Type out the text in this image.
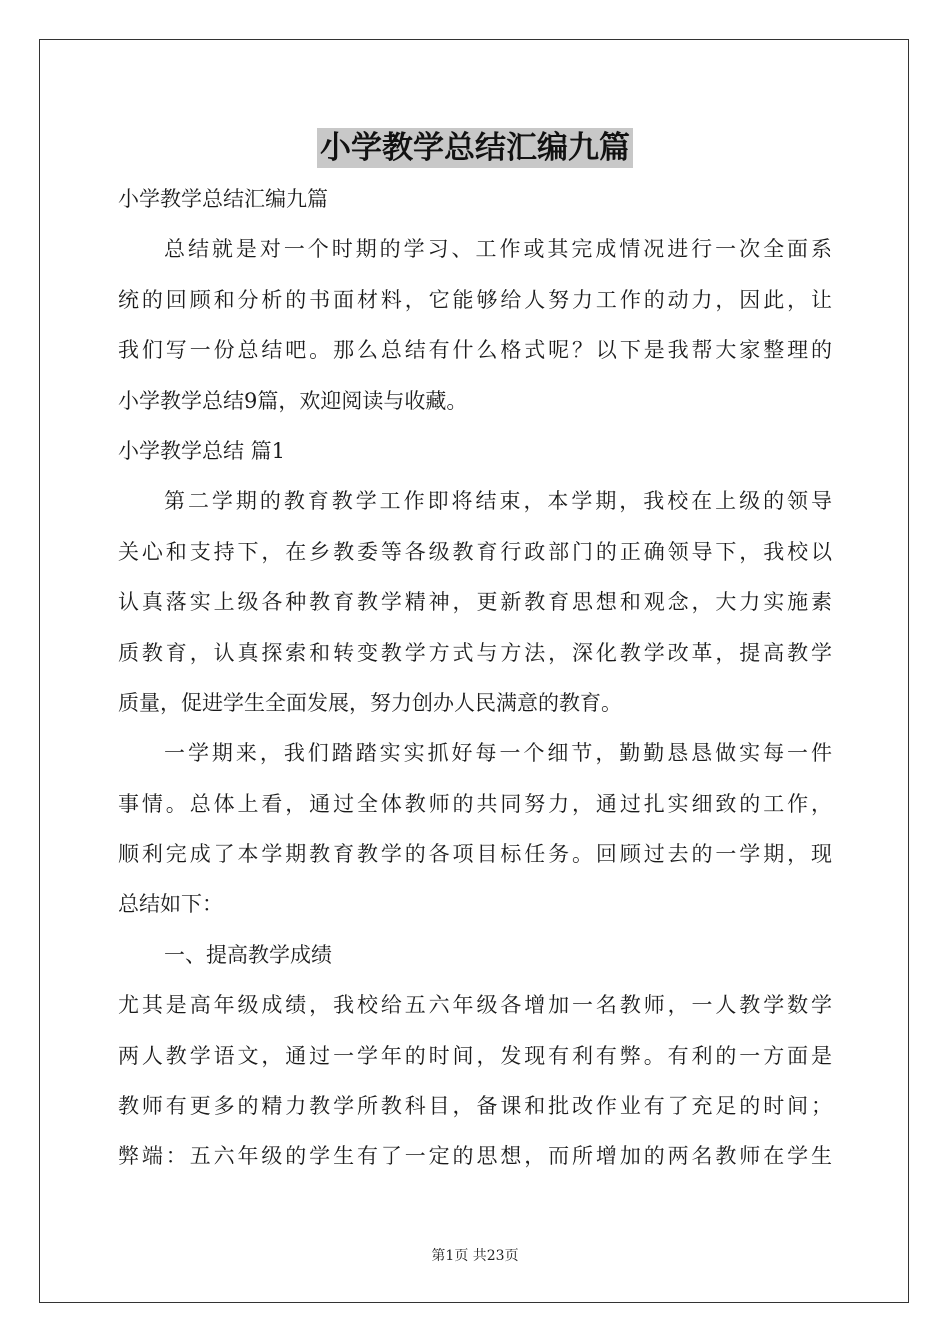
小学教学总结汇编九篇
小学教学总结汇编九篇
总结就是对一个时期的学习、工作或其完成情况进行一次全面系
统的回顾和分析的书面材料，它能够给人努力工作的动力，因此，让
我们写一份总结吧。那么总结有什么格式呢？以下是我帮大家整理的
小学教学总结9篇，欢迎阅读与收藏。
小学教学总结 篇1
第二学期的教育教学工作即将结束，本学期，我校在上级的领导
关心和支持下，在乡教委等各级教育行政部门的正确领导下，我校以
认真落实上级各种教育教学精神，更新教育思想和观念，大力实施素
质教育，认真探索和转变教学方式与方法，深化教学改革，提高教学
质量，促进学生全面发展，努力创办人民满意的教育。
一学期来，我们踏踏实实抓好每一个细节，勤勤恳恳做实每一件
事情。总体上看，通过全体教师的共同努力，通过扎实细致的工作，
顺利完成了本学期教育教学的各项目标任务。回顾过去的一学期，现
总结如下：
一、提高教学成绩
尤其是高年级成绩，我校给五六年级各增加一名教师，一人教学数学
两人教学语文，通过一学年的时间，发现有利有弊。有利的一方面是
教师有更多的精力教学所教科目，备课和批改作业有了充足的时间；
弊端：五六年级的学生有了一定的思想，而所增加的两名教师在学生
第1页 共23页
